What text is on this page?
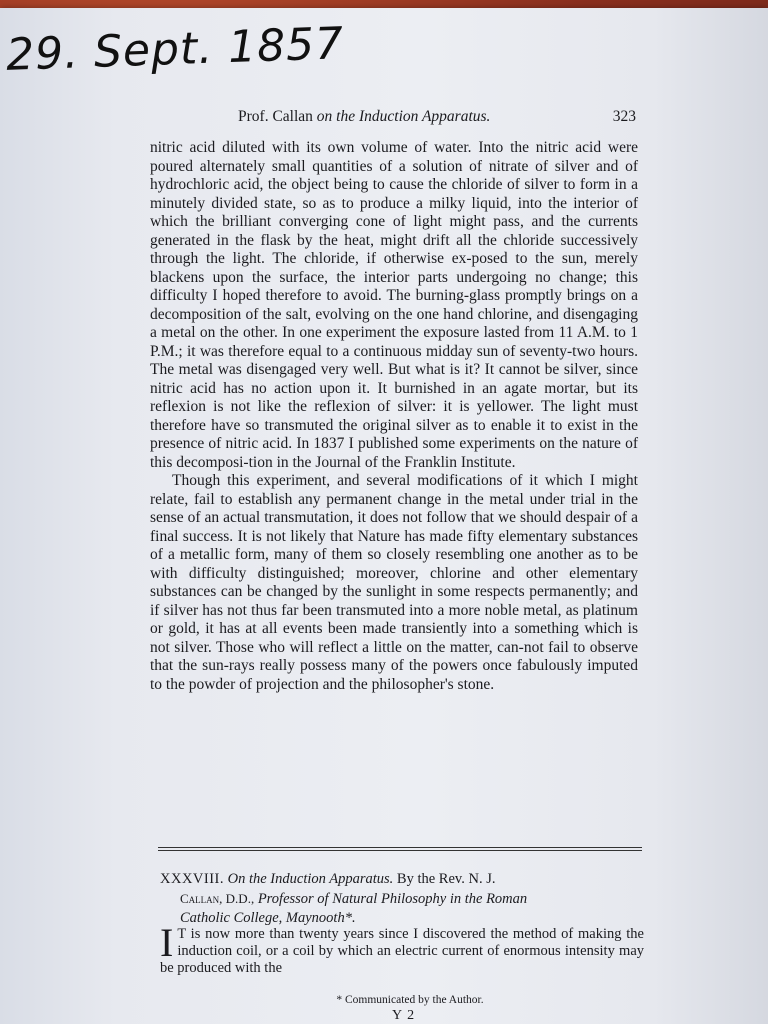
29. Sept. 1857
Prof. Callan on the Induction Apparatus.	323

nitric acid diluted with its own volume of water. Into the nitric acid were poured alternately small quantities of a solution of nitrate of silver and of hydrochloric acid, the object being to cause the chloride of silver to form in a minutely divided state, so as to produce a milky liquid, into the interior of which the brilliant converging cone of light might pass, and the currents generated in the flask by the heat, might drift all the chloride successively through the light. The chloride, if otherwise ex-posed to the sun, merely blackens upon the surface, the interior parts undergoing no change; this difficulty I hoped therefore to avoid. The burning-glass promptly brings on a decomposition of the salt, evolving on the one hand chlorine, and disengaging a metal on the other. In one experiment the exposure lasted from 11 A.M. to 1 P.M.; it was therefore equal to a continuous midday sun of seventy-two hours. The metal was disengaged very well. But what is it? It cannot be silver, since nitric acid has no action upon it. It burnished in an agate mortar, but its reflexion is not like the reflexion of silver: it is yellower. The light must therefore have so transmuted the original silver as to enable it to exist in the presence of nitric acid. In 1837 I published some experiments on the nature of this decomposi-tion in the Journal of the Franklin Institute.

Though this experiment, and several modifications of it which I might relate, fail to establish any permanent change in the metal under trial in the sense of an actual transmutation, it does not follow that we should despair of a final success. It is not likely that Nature has made fifty elementary substances of a metallic form, many of them so closely resembling one another as to be with difficulty distinguished; moreover, chlorine and other elementary substances can be changed by the sunlight in some respects permanently; and if silver has not thus far been transmuted into a more noble metal, as platinum or gold, it has at all events been made transiently into a something which is not silver. Those who will reflect a little on the matter, can-not fail to observe that the sun-rays really possess many of the powers once fabulously imputed to the powder of projection and the philosopher's stone.

XXXVIII. On the Induction Apparatus. By the Rev. N. J.
Callan, D.D., Professor of Natural Philosophy in the Roman
Catholic College, Maynooth*.
I T is now more than twenty years since I discovered the method of making the induction coil, or a coil by which an electric current of enormous intensity may be produced with the
* Communicated by the Author.
Y 2
